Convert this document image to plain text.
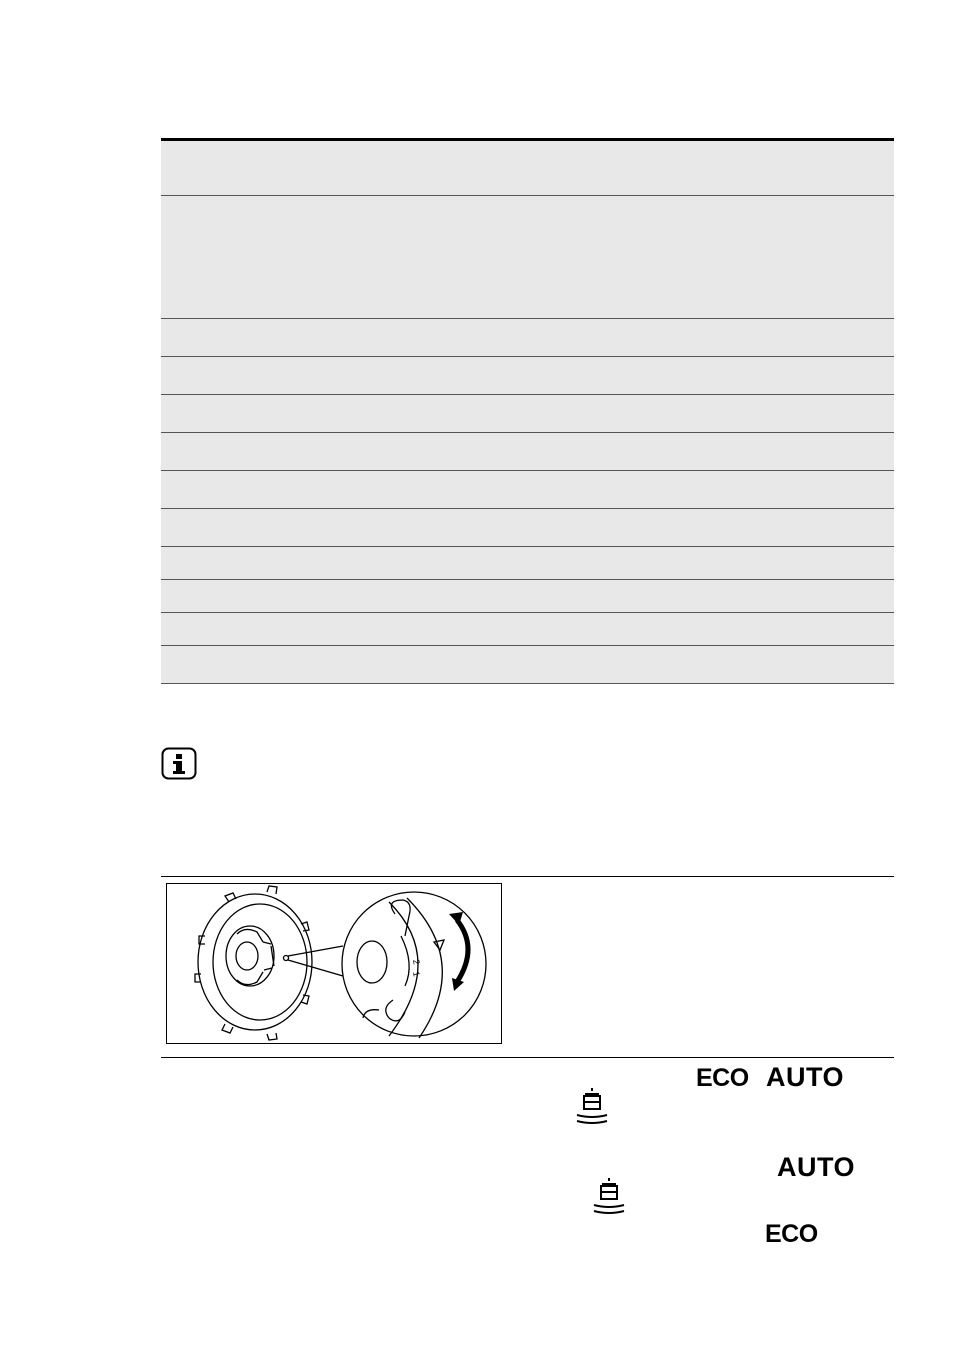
2
1
ECO AUTO
AUTO
ECO
